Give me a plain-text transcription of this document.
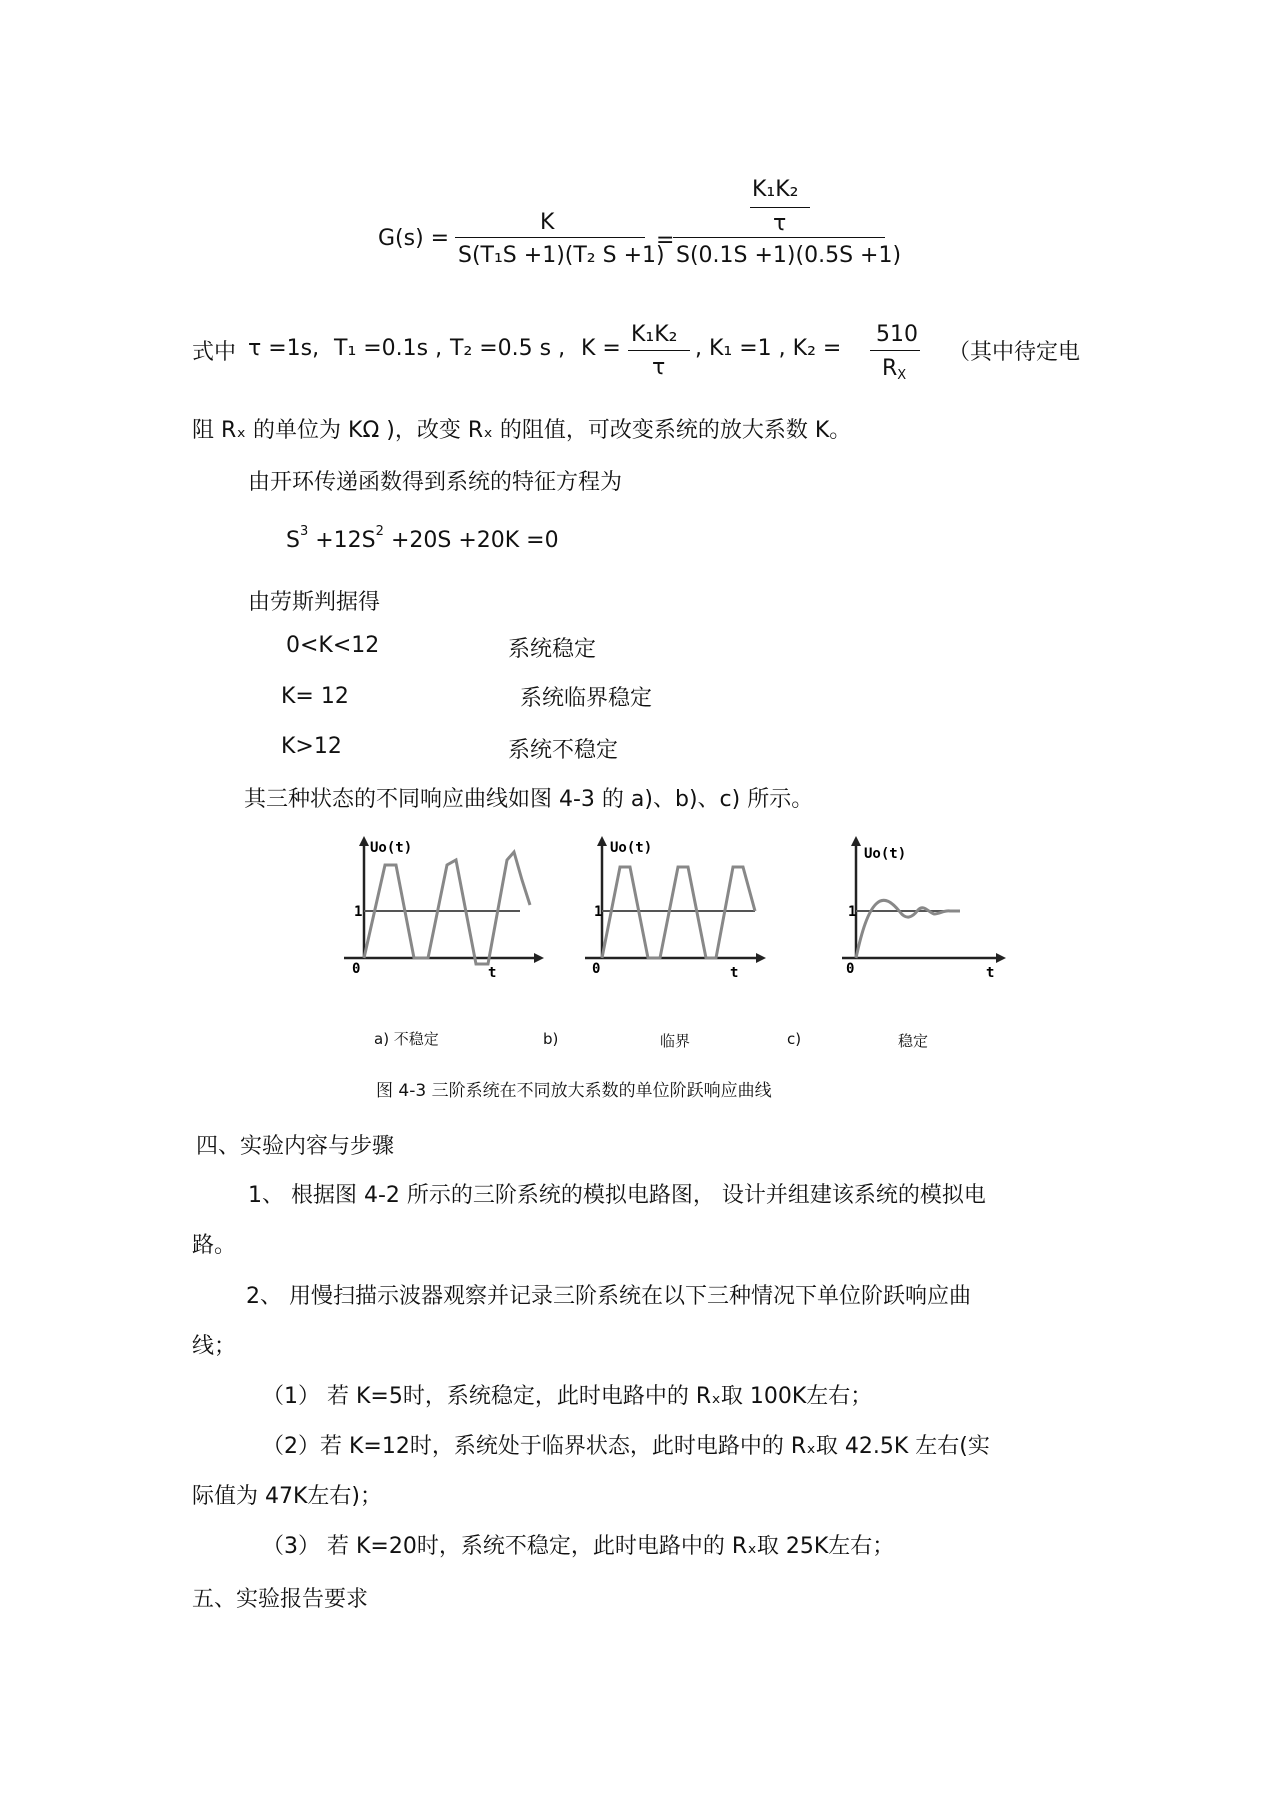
G(s) =
K
S(T₁S +1)(T₂ S +1)
=
K₁K₂
τ
S(0.1S +1)(0.5S +1)
式中 τ =1s, T₁ =0.1s , T₂ =0.5 s , K =
K₁K₂
τ
, K₁ =1 , K₂ =
510
$R_X$
（其中待定电
阻 Rₓ 的单位为 KΩ )，改变 Rₓ 的阻值，可改变系统的放大系数 K。
由开环传递函数得到系统的特征方程为
$S^3 +12S^2 +20S +20K =0$
由劳斯判据得
0<K<12	系统稳定
K= 12	系统临界稳定
K>12	系统不稳定
其三种状态的不同响应曲线如图 4-3 的 a)、b)、c) 所示。
Uo(t)
1
0	t
Uo(t)
1
0	t
Uo(t)
1
0	t
a) 不稳定	b)	临界	c)	稳定
图 4-3 三阶系统在不同放大系数的单位阶跃响应曲线
四、实验内容与步骤
1、 根据图 4-2 所示的三阶系统的模拟电路图， 设计并组建该系统的模拟电
路。
2、 用慢扫描示波器观察并记录三阶系统在以下三种情况下单位阶跃响应曲
线；
（1） 若 K=5时，系统稳定，此时电路中的 Rₓ取 100K左右；
（2）若 K=12时，系统处于临界状态，此时电路中的 Rₓ取 42.5K 左右(实
际值为 47K左右)；
（3） 若 K=20时，系统不稳定，此时电路中的 Rₓ取 25K左右；
五、实验报告要求
